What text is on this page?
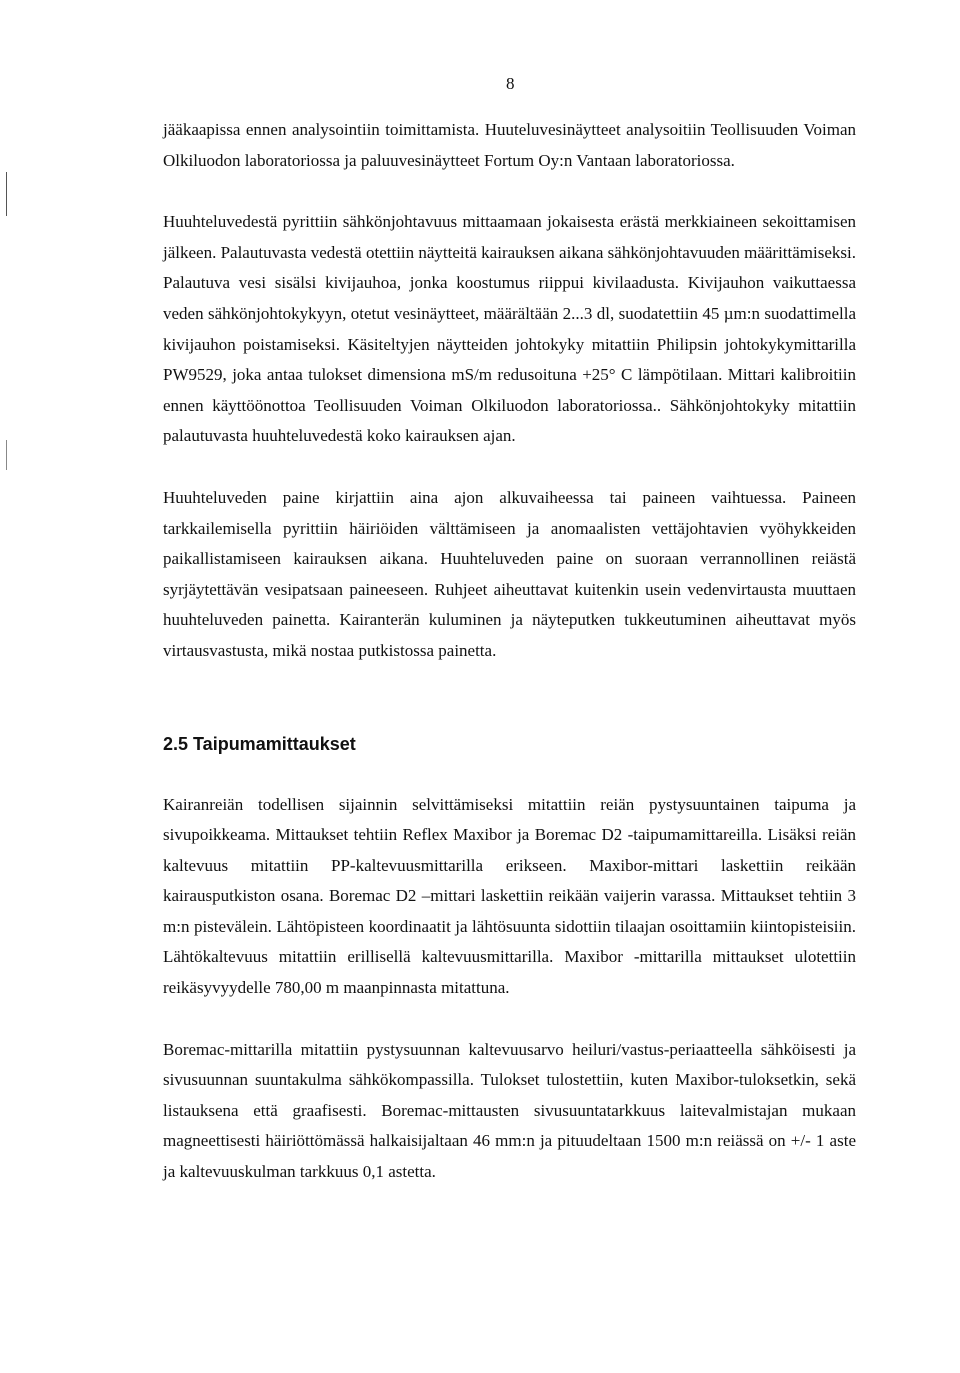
8

jääkaapissa ennen analysointiin toimittamista. Huuteluvesinäytteet analysoitiin Teollisuuden Voiman Olkiluodon laboratoriossa ja paluuvesinäytteet Fortum Oy:n Vantaan laboratoriossa.

Huuhteluvedestä pyrittiin sähkönjohtavuus mittaamaan jokaisesta erästä merkkiaineen sekoittamisen jälkeen. Palautuvasta vedestä otettiin näytteitä kairauksen aikana sähkönjohtavuuden määrittämiseksi. Palautuva vesi sisälsi kivijauhoa, jonka koostumus riippui kivilaadusta. Kivijauhon vaikuttaessa veden sähkönjohtokykyyn, otetut vesinäytteet, määrältään 2...3 dl, suodatettiin 45 µm:n suodattimella kivijauhon poistamiseksi. Käsiteltyjen näytteiden johtokyky mitattiin Philipsin johtokykymittarilla PW9529, joka antaa tulokset dimensiona mS/m redusoituna +25° C lämpötilaan. Mittari kalibroitiin ennen käyttöönottoa Teollisuuden Voiman Olkiluodon laboratoriossa.. Sähkönjohtokyky mitattiin palautuvasta huuhteluvedestä koko kairauksen ajan.

Huuhteluveden paine kirjattiin aina ajon alkuvaiheessa tai paineen vaihtuessa. Paineen tarkkailemisella pyrittiin häiriöiden välttämiseen ja anomaalisten vettäjohtavien vyöhykkeiden paikallistamiseen kairauksen aikana. Huuhteluveden paine on suoraan verrannollinen reiästä syrjäytettävän vesipatsaan paineeseen. Ruhjeet aiheuttavat kuitenkin usein vedenvirtausta muuttaen huuhteluveden painetta. Kairanterän kuluminen ja näyteputken tukkeutuminen aiheuttavat myös virtausvastusta, mikä nostaa putkistossa painetta.

2.5 Taipumamittaukset

Kairanreiän todellisen sijainnin selvittämiseksi mitattiin reiän pystysuuntainen taipuma ja sivupoikkeama. Mittaukset tehtiin Reflex Maxibor ja Boremac D2 -taipumamittareilla. Lisäksi reiän kaltevuus mitattiin PP-kaltevuusmittarilla erikseen. Maxibor-mittari laskettiin reikään kairausputkiston osana. Boremac D2 –mittari laskettiin reikään vaijerin varassa. Mittaukset tehtiin 3 m:n pistevälein. Lähtöpisteen koordinaatit ja lähtösuunta sidottiin tilaajan osoittamiin kiintopisteisiin. Lähtökaltevuus mitattiin erillisellä kaltevuusmittarilla. Maxibor -mittarilla mittaukset ulotettiin reikäsyvyydelle 780,00 m maanpinnasta mitattuna.

Boremac-mittarilla mitattiin pystysuunnan kaltevuusarvo heiluri/vastus-periaatteella sähköisesti ja sivusuunnan suuntakulma sähkökompassilla. Tulokset tulostettiin, kuten Maxibor-tuloksetkin, sekä listauksena että graafisesti. Boremac-mittausten sivusuuntatarkkuus laitevalmistajan mukaan magneettisesti häiriöttömässä halkaisijaltaan 46 mm:n ja pituudeltaan 1500 m:n reiässä on +/- 1 aste ja kaltevuuskulman tarkkuus 0,1 astetta.
